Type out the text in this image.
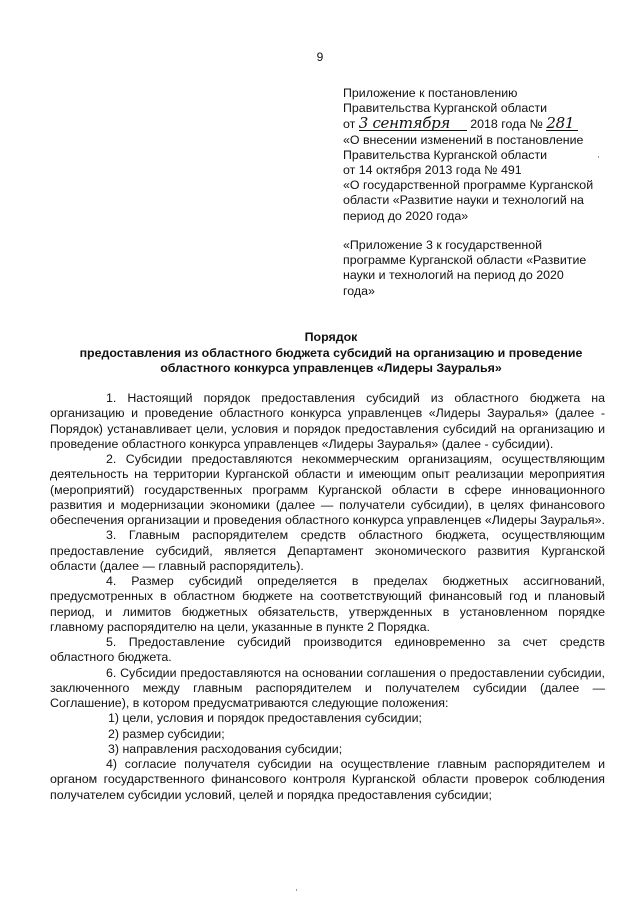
9
Приложение к постановлению
Правительства Курганской области
от 3 сентября 2018 года № 281
«О внесении изменений в постановление
Правительства Курганской области
от 14 октября 2013 года № 491
«О государственной программе Курганской
области «Развитие науки и технологий на
период до 2020 года»
«Приложение 3 к государственной
программе Курганской области «Развитие
науки и технологий на период до 2020
года»
Порядок
предоставления из областного бюджета субсидий на организацию и проведение
областного конкурса управленцев «Лидеры Зауралья»

1. Настоящий порядок предоставления субсидий из областного бюджета на организацию и проведение областного конкурса управленцев «Лидеры Зауралья» (далее - Порядок) устанавливает цели, условия и порядок предоставления субсидий на организацию и проведение областного конкурса управленцев «Лидеры Зауралья» (далее - субсидии).

2. Субсидии предоставляются некоммерческим организациям, осуществляющим деятельность на территории Курганской области и имеющим опыт реализации мероприятия (мероприятий) государственных программ Курганской области в сфере инновационного развития и модернизации экономики (далее — получатели субсидии), в целях финансового обеспечения организации и проведения областного конкурса управленцев «Лидеры Зауралья».

3. Главным распорядителем средств областного бюджета, осуществляющим предоставление субсидий, является Департамент экономического развития Курганской области (далее — главный распорядитель).

4. Размер субсидий определяется в пределах бюджетных ассигнований, предусмотренных в областном бюджете на соответствующий финансовый год и плановый период, и лимитов бюджетных обязательств, утвержденных в установленном порядке главному распорядителю на цели, указанные в пункте 2 Порядка.

5. Предоставление субсидий производится единовременно за счет средств областного бюджета.

6. Субсидии предоставляются на основании соглашения о предоставлении субсидии, заключенного между главным распорядителем и получателем субсидии (далее — Соглашение), в котором предусматриваются следующие положения:

1) цели, условия и порядок предоставления субсидии;

2) размер субсидии;

3) направления расходования субсидии;

4) согласие получателя субсидии на осуществление главным распорядителем и органом государственного финансового контроля Курганской области проверок соблюдения получателем субсидии условий, целей и порядка предоставления субсидии;
